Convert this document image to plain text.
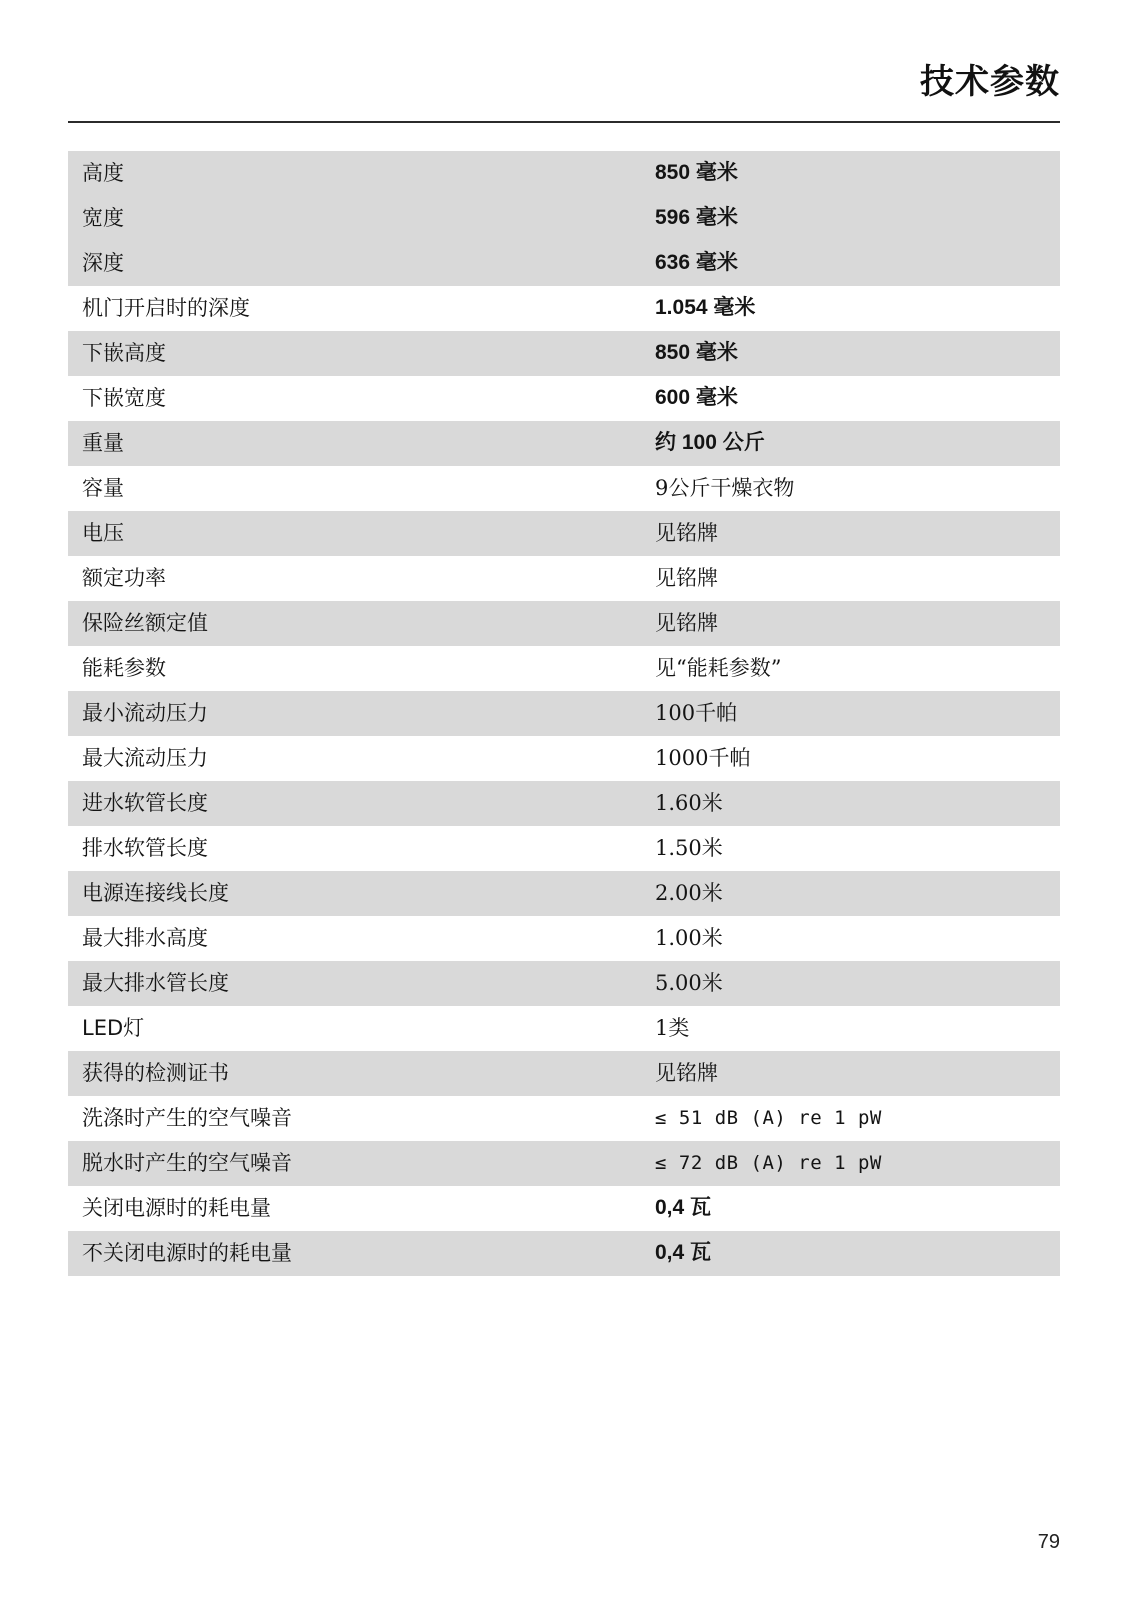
技术参数
高度	850 毫米
宽度	596 毫米
深度	636 毫米
机门开启时的深度	1.054 毫米
下嵌高度	850 毫米
下嵌宽度	600 毫米
重量	约 100 公斤
容量	9公斤干燥衣物
电压	见铭牌
额定功率	见铭牌
保险丝额定值	见铭牌
能耗参数	见“能耗参数”
最小流动压力	100千帕
最大流动压力	1000千帕
进水软管长度	1.60米
排水软管长度	1.50米
电源连接线长度	2.00米
最大排水高度	1.00米
最大排水管长度	5.00米
LED灯	1类
获得的检测证书	见铭牌
洗涤时产生的空气噪音	≤ 51 dB (A) re 1 pW
脱水时产生的空气噪音	≤ 72 dB (A) re 1 pW
关闭电源时的耗电量	0,4 瓦
不关闭电源时的耗电量	0,4 瓦
79
